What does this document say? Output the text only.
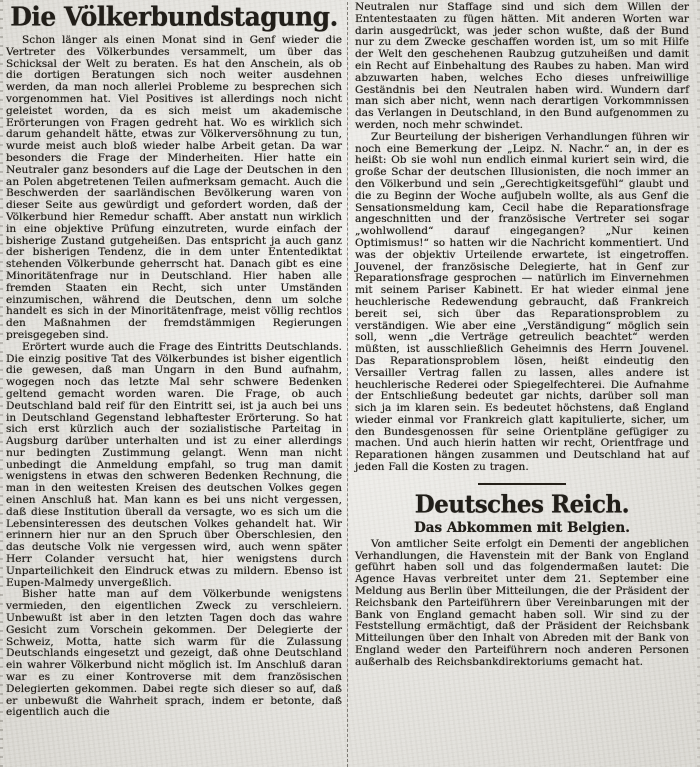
Die Völkerbundstagung.

Schon länger als einen Monat sind in Genf wieder die Vertreter des Völkerbundes versammelt, um über das Schicksal der Welt zu beraten. Es hat den Anschein, als ob die dortigen Beratungen sich noch weiter ausdehnen werden, da man noch allerlei Probleme zu besprechen sich vorgenommen hat. Viel Positives ist allerdings noch nicht geleistet worden, da es sich meist um akademische Erörterungen von Fragen gedreht hat. Wo es wirklich sich darum gehandelt hätte, etwas zur Völkerversöhnung zu tun, wurde meist auch bloß wieder halbe Arbeit getan. Da war besonders die Frage der Minderheiten. Hier hatte ein Neutraler ganz besonders auf die Lage der Deutschen in den an Polen abgetretenen Teilen aufmerksam gemacht. Auch die Beschwerden der saarländischen Bevölkerung waren von dieser Seite aus gewürdigt und gefordert worden, daß der Völkerbund hier Remedur schafft. Aber anstatt nun wirklich in eine objektive Prüfung einzutreten, wurde einfach der bisherige Zustand gutgeheißen. Das entspricht ja auch ganz der bisherigen Tendenz, die in dem unter Ententediktat stehenden Völkerbunde geherrscht hat. Danach gibt es eine Minoritätenfrage nur in Deutschland. Hier haben alle fremden Staaten ein Recht, sich unter Umständen einzumischen, während die Deutschen, denn um solche handelt es sich in der Minoritätenfrage, meist völlig rechtlos den Maßnahmen der fremdstämmigen Regierungen preisgegeben sind.

Erörtert wurde auch die Frage des Eintritts Deutschlands. Die einzig positive Tat des Völkerbundes ist bisher eigentlich die gewesen, daß man Ungarn in den Bund aufnahm, wogegen noch das letzte Mal sehr schwere Bedenken geltend gemacht worden waren. Die Frage, ob auch Deutschland bald reif für den Eintritt sei, ist ja auch bei uns in Deutschland Gegenstand lebhaftester Erörterung. So hat sich erst kürzlich auch der sozialistische Parteitag in Augsburg darüber unterhalten und ist zu einer allerdings nur bedingten Zustimmung gelangt. Wenn man nicht unbedingt die Anmeldung empfahl, so trug man damit wenigstens in etwas den schweren Bedenken Rechnung, die man in den weitesten Kreisen des deutschen Volkes gegen einen Anschluß hat. Man kann es bei uns nicht vergessen, daß diese Institution überall da versagte, wo es sich um die Lebensinteressen des deutschen Volkes gehandelt hat. Wir erinnern hier nur an den Spruch über Oberschlesien, den das deutsche Volk nie vergessen wird, auch wenn später Herr Colander versucht hat, hier wenigstens durch Unparteilichkeit den Eindruck etwas zu mildern. Ebenso ist Eupen-Malmedy unvergeßlich.

Bisher hatte man auf dem Völkerbunde wenigstens vermieden, den eigentlichen Zweck zu verschleiern. Unbewußt ist aber in den letzten Tagen doch das wahre Gesicht zum Vorschein gekommen. Der Delegierte der Schweiz, Motta, hatte sich warm für die Zulassung Deutschlands eingesetzt und gezeigt, daß ohne Deutschland ein wahrer Völkerbund nicht möglich ist. Im Anschluß daran war es zu einer Kontroverse mit dem französischen Delegierten gekommen. Dabei regte sich dieser so auf, daß er unbewußt die Wahrheit sprach, indem er betonte, daß eigentlich auch die

Neutralen nur Staffage sind und sich dem Willen der Ententestaaten zu fügen hätten. Mit anderen Worten war darin ausgedrückt, was jeder schon wußte, daß der Bund nur zu dem Zwecke geschaffen worden ist, um so mit Hilfe der Welt den geschehenen Raubzug gutzuheißen und damit ein Recht auf Einbehaltung des Raubes zu haben. Man wird abzuwarten haben, welches Echo dieses unfreiwillige Geständnis bei den Neutralen haben wird. Wundern darf man sich aber nicht, wenn nach derartigen Vorkommnissen das Verlangen in Deutschland, in den Bund aufgenommen zu werden, noch mehr schwindet.

Zur Beurteilung der bisherigen Verhandlungen führen wir noch eine Bemerkung der „Leipz. N. Nachr.“ an, in der es heißt: Ob sie wohl nun endlich einmal kuriert sein wird, die große Schar der deutschen Illusionisten, die noch immer an den Völkerbund und sein „Gerechtigkeitsgefühl“ glaubt und die zu Beginn der Woche aufjubeln wollte, als aus Genf die Sensationsmeldung kam, Cecil habe die Reparationsfrage angeschnitten und der französische Vertreter sei sogar „wohlwollend“ darauf eingegangen? „Nur keinen Optimismus!“ so hatten wir die Nachricht kommentiert. Und was der objektiv Urteilende erwartete, ist eingetroffen. Jouvenel, der französische Delegierte, hat in Genf zur Reparationsfrage gesprochen — natürlich im Einvernehmen mit seinem Pariser Kabinett. Er hat wieder einmal jene heuchlerische Redewendung gebraucht, daß Frankreich bereit sei, sich über das Reparationsproblem zu verständigen. Wie aber eine „Verständigung“ möglich sein soll, wenn „die Verträge getreulich beachtet“ werden müßten, ist ausschließlich Geheimnis des Herrn Jouvenel. Das Reparationsproblem lösen, heißt eindeutig den Versailler Vertrag fallen zu lassen, alles andere ist heuchlerische Rederei oder Spiegelfechterei. Die Aufnahme der Entschließung bedeutet gar nichts, darüber soll man sich ja im klaren sein. Es bedeutet höchstens, daß England wieder einmal vor Frankreich glatt kapitulierte, sicher, um den Bundesgenossen für seine Orientpläne gefügiger zu machen. Und auch hierin hatten wir recht, Orientfrage und Reparationen hängen zusammen und Deutschland hat auf jeden Fall die Kosten zu tragen.

Deutsches Reich.
Das Abkommen mit Belgien.

Von amtlicher Seite erfolgt ein Dementi der angeblichen Verhandlungen, die Havenstein mit der Bank von England geführt haben soll und das folgendermaßen lautet: Die Agence Havas verbreitet unter dem 21. September eine Meldung aus Berlin über Mitteilungen, die der Präsident der Reichsbank den Parteiführern über Vereinbarungen mit der Bank von England gemacht haben soll. Wir sind zu der Feststellung ermächtigt, daß der Präsident der Reichsbank Mitteilungen über den Inhalt von Abreden mit der Bank von England weder den Parteiführern noch anderen Personen außerhalb des Reichsbankdirektoriums gemacht hat.
